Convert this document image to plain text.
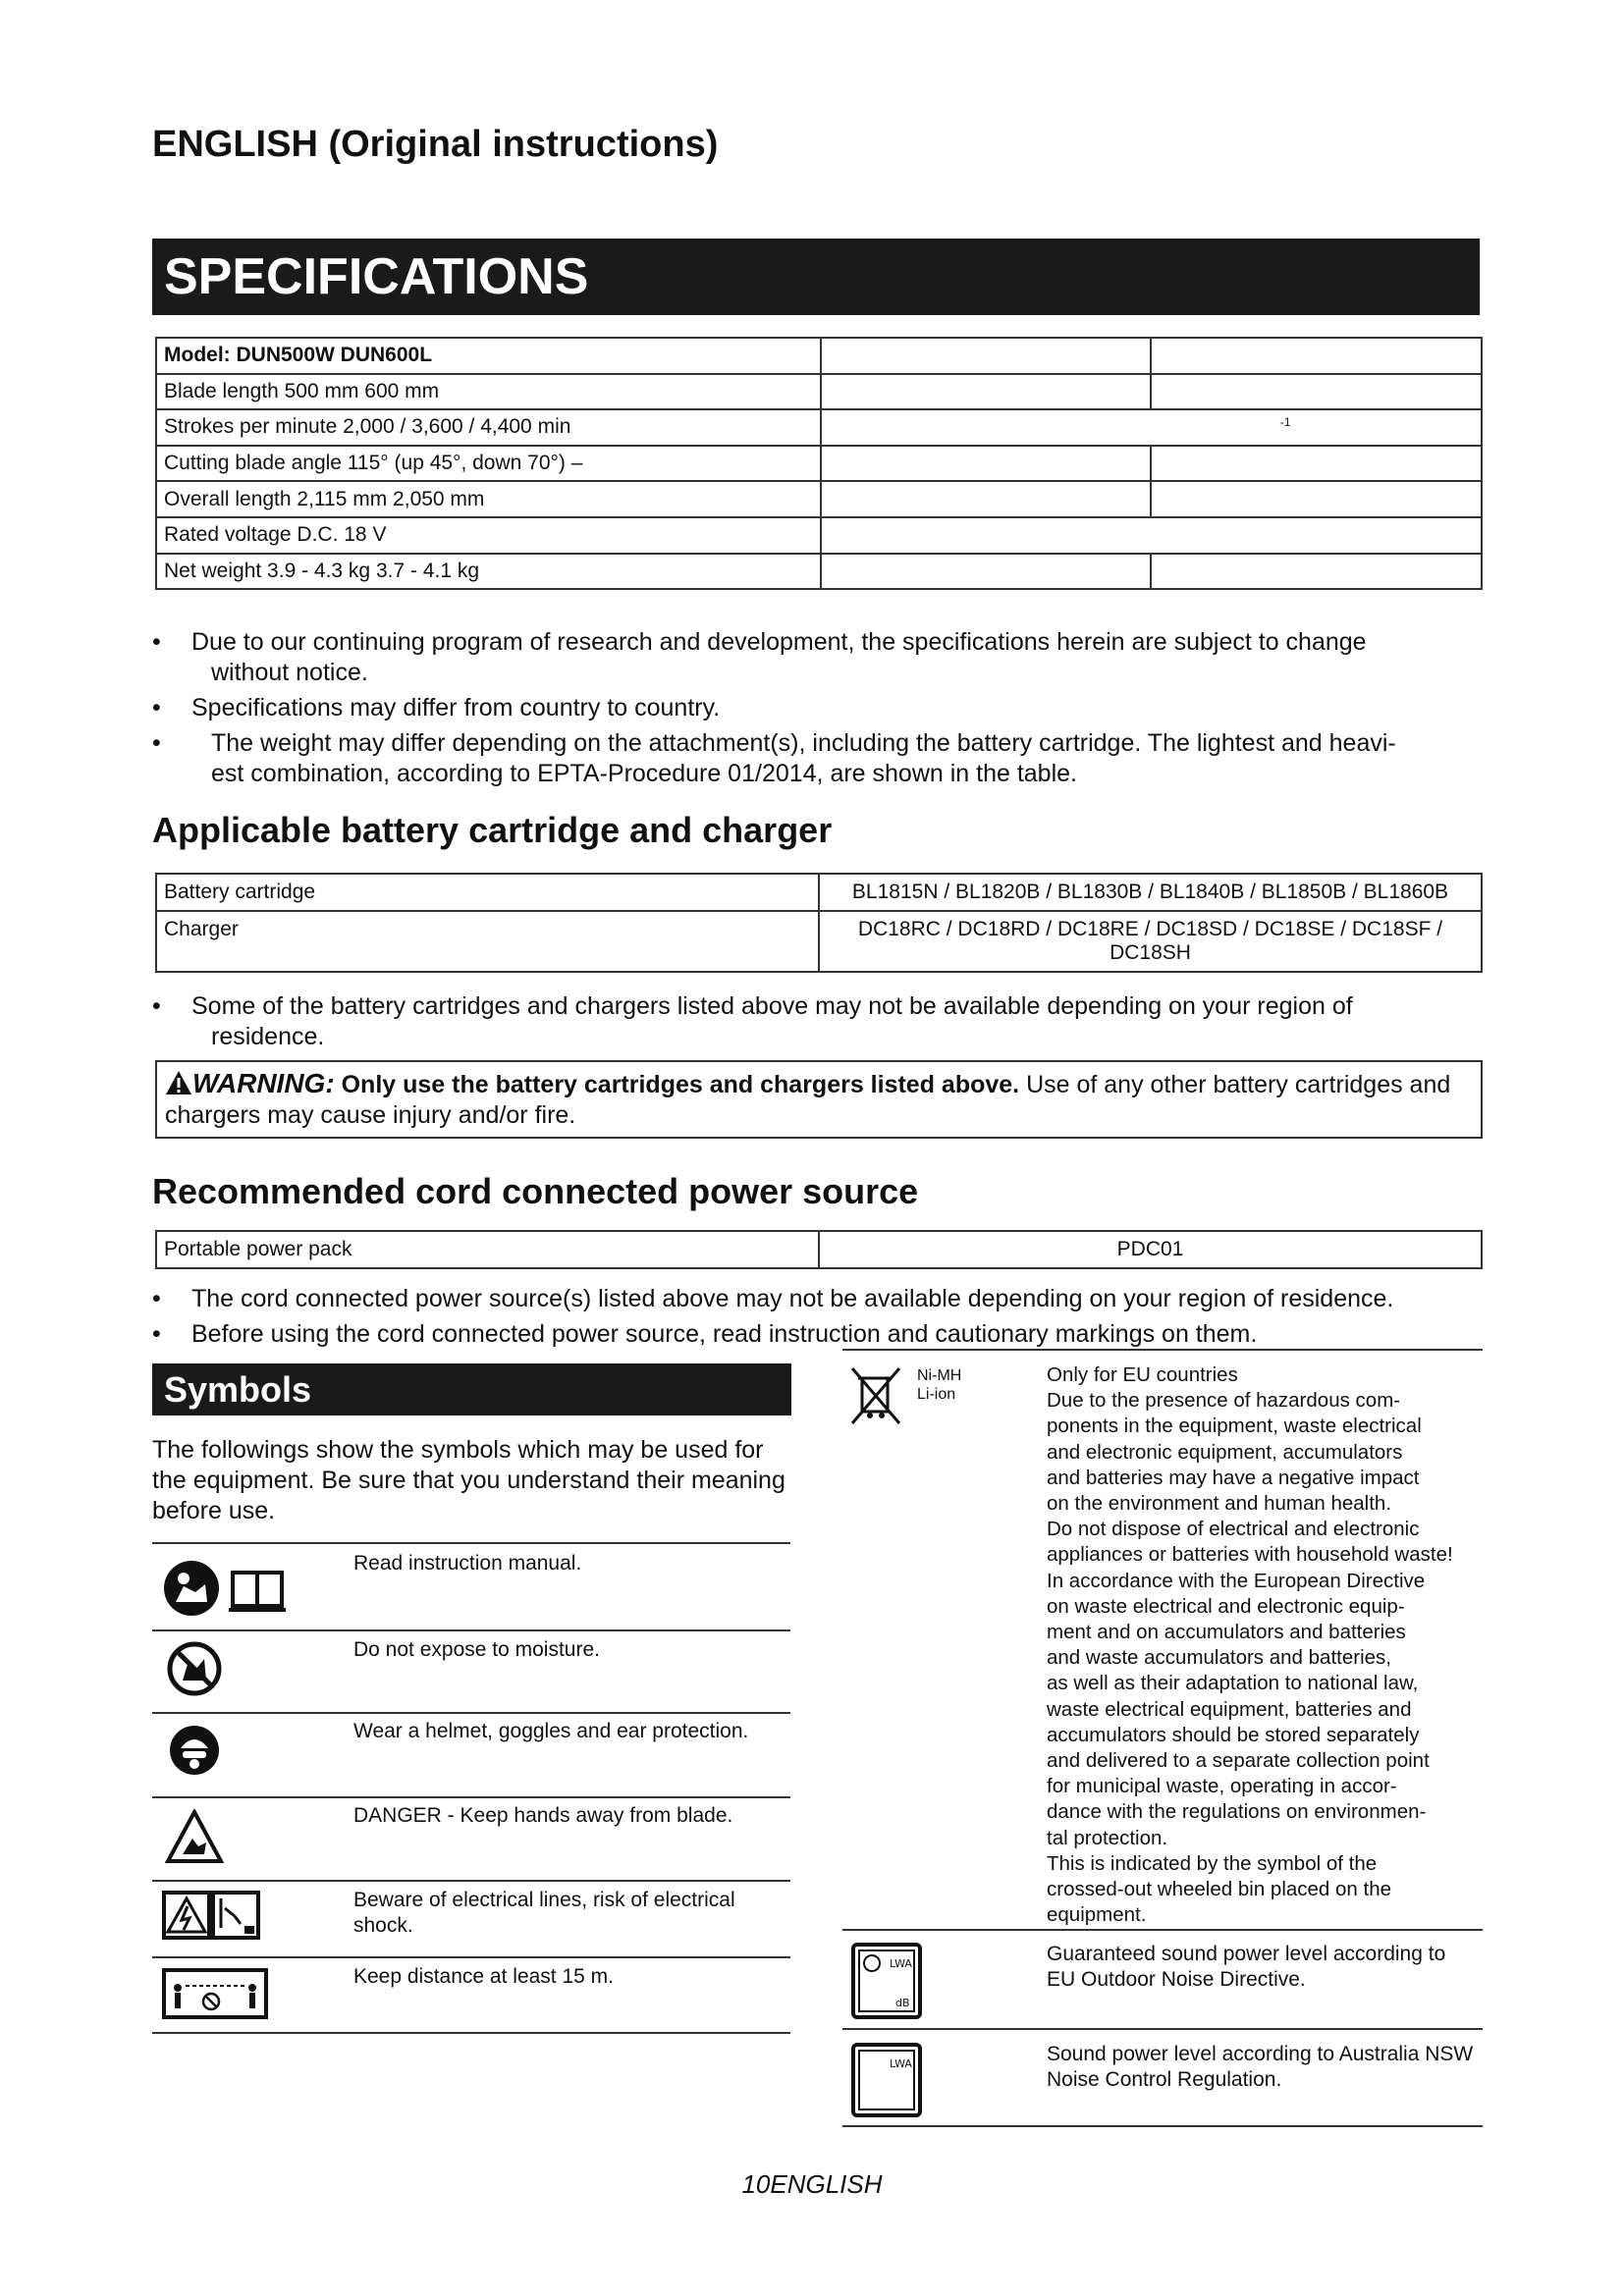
ENGLISH (Original instructions)
SPECIFICATIONS
Model: DUN500W DUN600L		
Blade length 500 mm 600 mm		
Strokes per minute 2,000 / 3,600 / 4,400 min	$^{-1}$
Cutting blade angle 115° (up 45°, down 70°) –		
Overall length 2,115 mm 2,050 mm		
Rated voltage D.C. 18 V		
Net weight 3.9 - 4.3 kg 3.7 - 4.1 kg		
• Due to our continuing program of research and development, the specifications herein are subject to change
without notice.
• Specifications may differ from country to country.
• The weight may differ depending on the attachment(s), including the battery cartridge. The lightest and heavi-
est combination, according to EPTA-Procedure 01/2014, are shown in the table.
Applicable battery cartridge and charger
Battery cartridge	BL1815N / BL1820B / BL1830B / BL1840B / BL1850B / BL1860B
Charger	DC18RC / DC18RD / DC18RE / DC18SD / DC18SE / DC18SF /
DC18SH
• Some of the battery cartridges and chargers listed above may not be available depending on your region of
residence.
WARNING: Only use the battery cartridges and chargers listed above. Use of any other battery cartridges and chargers may cause injury and/or fire.
Recommended cord connected power source
Portable power pack	PDC01
• The cord connected power source(s) listed above may not be available depending on your region of residence.
• Before using the cord connected power source, read instruction and cautionary markings on them.
Symbols
The followings show the symbols which may be used for the equipment. Be sure that you understand their meaning before use.
Read instruction manual.
Do not expose to moisture.
Wear a helmet, goggles and ear protection.
DANGER - Keep hands away from blade.
Beware of electrical lines, risk of electrical shock.
Keep distance at least 15 m.
Ni-MH
Li-ion
Only for EU countries
Due to the presence of hazardous com-
ponents in the equipment, waste electrical
and electronic equipment, accumulators
and batteries may have a negative impact
on the environment and human health.
Do not dispose of electrical and electronic
appliances or batteries with household waste!
In accordance with the European Directive
on waste electrical and electronic equip-
ment and on accumulators and batteries
and waste accumulators and batteries,
as well as their adaptation to national law,
waste electrical equipment, batteries and
accumulators should be stored separately
and delivered to a separate collection point
for municipal waste, operating in accor-
dance with the regulations on environmen-
tal protection.
This is indicated by the symbol of the
crossed-out wheeled bin placed on the
equipment.
LWA
dB
Guaranteed sound power level according to EU Outdoor Noise Directive.
LWA	Sound power level according to Australia NSW Noise Control Regulation.
10ENGLISH
